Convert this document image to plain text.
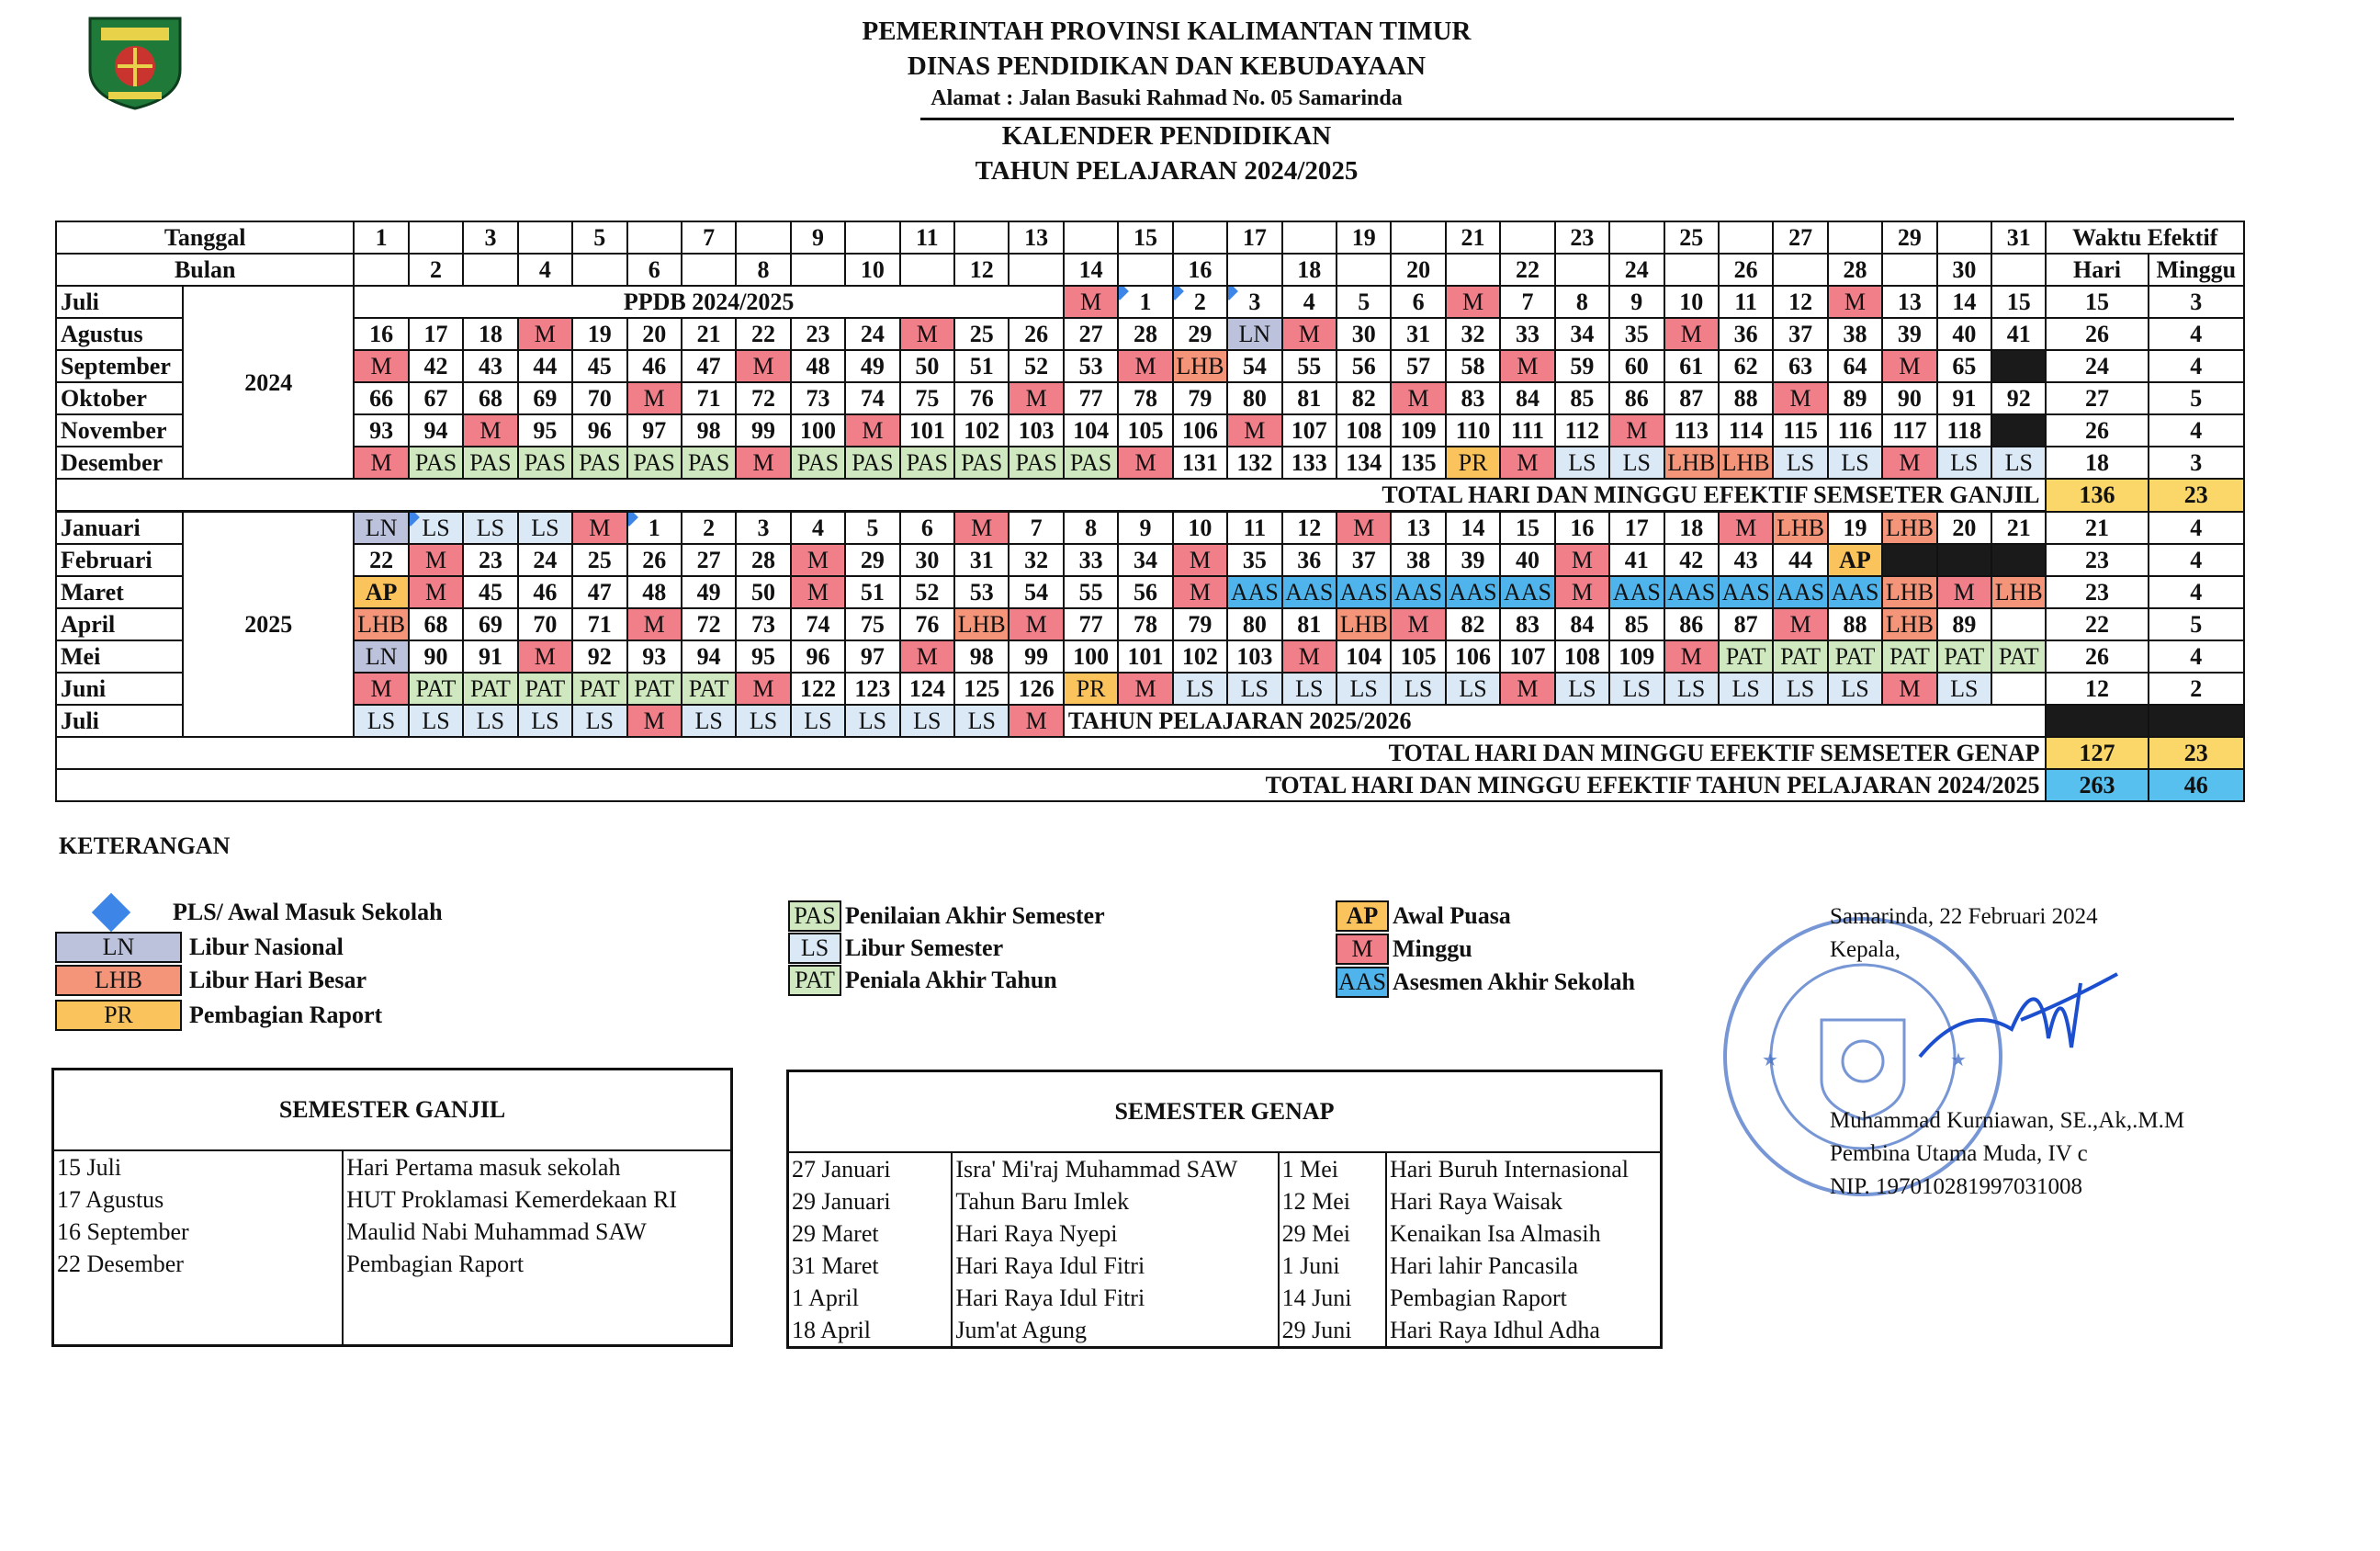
PEMERINTAH PROVINSI KALIMANTAN TIMUR
DINAS PENDIDIKAN DAN KEBUDAYAAN
Alamat : Jalan Basuki Rahmad No. 05 Samarinda
KALENDER PENDIDIKAN
TAHUN PELAJARAN 2024/2025
Tanggal		1		3		5		7		9		11		13		15		17		19		21		23		25		27		29		31	Waktu Efektif	
Bulan			2		4		6		8		10		12		14		16		18		20		22		24		26		28		30		Hari	Minggu
Juli	2024	PPDB 2024/2025													M	1	2	3	4	5	6	M	7	8	9	10	11	12	M	13	14	15	15	3
Agustus		16	17	18	M	19	20	21	22	23	24	M	25	26	27	28	29	LN	M	30	31	32	33	34	35	M	36	37	38	39	40	41	26	4
September		M	42	43	44	45	46	47	M	48	49	50	51	52	53	M	LHB	54	55	56	57	58	M	59	60	61	62	63	64	M	65		24	4
Oktober		66	67	68	69	70	M	71	72	73	74	75	76	M	77	78	79	80	81	82	M	83	84	85	86	87	88	M	89	90	91	92	27	5
November		93	94	M	95	96	97	98	99	100	M	101	102	103	104	105	106	M	107	108	109	110	111	112	M	113	114	115	116	117	118		26	4
Desember		M	PAS	PAS	PAS	PAS	PAS	PAS	M	PAS	PAS	PAS	PAS	PAS	PAS	M	131	132	133	134	135	PR	M	LS	LS	LHB	LHB	LS	LS	M	LS	LS	18	3
TOTAL HARI DAN MINGGU EFEKTIF SEMSETER GANJIL																																	136	23
Januari	2025	LN	LS	LS	LS	M	1	2	3	4	5	6	M	7	8	9	10	11	12	M	13	14	15	16	17	18	M	LHB	19	LHB	20	21	21	4
Februari		22	M	23	24	25	26	27	28	M	29	30	31	32	33	34	M	35	36	37	38	39	40	M	41	42	43	44	AP				23	4
Maret		AP	M	45	46	47	48	49	50	M	51	52	53	54	55	56	M	AAS	AAS	AAS	AAS	AAS	AAS	M	AAS	AAS	AAS	AAS	AAS	LHB	M	LHB	23	4
April		LHB	68	69	70	71	M	72	73	74	75	76	LHB	M	77	78	79	80	81	LHB	M	82	83	84	85	86	87	M	88	LHB	89		22	5
Mei		LN	90	91	M	92	93	94	95	96	97	M	98	99	100	101	102	103	M	104	105	106	107	108	109	M	PAT	PAT	PAT	PAT	PAT	PAT	26	4
Juni		M	PAT	PAT	PAT	PAT	PAT	PAT	M	122	123	124	125	126	PR	M	LS	LS	LS	LS	LS	LS	M	LS	LS	LS	LS	LS	LS	M	LS		12	2
Juli		LS	LS	LS	LS	LS	M	LS	LS	LS	LS	LS	LS	M	TAHUN PELAJARAN 2025/2026																			
TOTAL HARI DAN MINGGU EFEKTIF SEMSETER GENAP																																	127	23
TOTAL HARI DAN MINGGU EFEKTIF TAHUN PELAJARAN 2024/2025																																	263	46
KETERANGAN
PLS/ Awal Masuk Sekolah
LN	Libur Nasional
LHB	Libur Hari Besar
PR	Pembagian Raport
PAS Penilaian Akhir Semester
LS Libur Semester
PAT Peniala Akhir Tahun
AP Awal Puasa
M Minggu
AAS Asesmen Akhir Sekolah
SEMESTER GANJIL	
15 Juli	Hari Pertama masuk sekolah
17 Agustus	HUT Proklamasi Kemerdekaan RI
16 September	Maulid Nabi Muhammad SAW
22 Desember	Pembagian Raport

SEMESTER GENAP			
27 Januari	Isra' Mi'raj Muhammad SAW	1 Mei	Hari Buruh Internasional
29 Januari	Tahun Baru Imlek	12 Mei	Hari Raya Waisak
29 Maret	Hari Raya Nyepi	29 Mei	Kenaikan Isa Almasih
31 Maret	Hari Raya Idul Fitri	1 Juni	Hari lahir Pancasila
1 April	Hari Raya Idul Fitri	14 Juni	Pembagian Raport
18 April	Jum'at Agung	29 Juni	Hari Raya Idhul Adha
★	★
Samarinda, 22 Februari 2024
Kepala,
Muhammad Kurniawan, SE.,Ak,.M.M
Pembina Utama Muda, IV c
NIP. 197010281997031008
